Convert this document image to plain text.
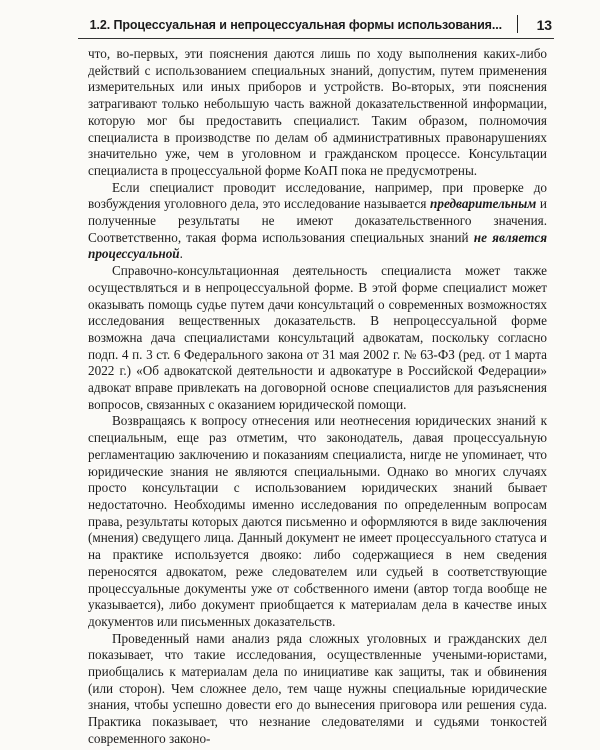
1.2. Процессуальная и непроцессуальная формы использования... 13

что, во-первых, эти пояснения даются лишь по ходу выполнения каких-либо действий с использованием специальных знаний, допустим, путем применения измерительных или иных приборов и устройств. Во-вторых, эти пояснения затрагивают только небольшую часть важной доказательственной информации, которую мог бы предоставить специалист. Таким образом, полномочия специалиста в производстве по делам об административных правонарушениях значительно уже, чем в уголовном и гражданском процессе. Консультации специалиста в процессуальной форме КоАП пока не предусмотрены.

Если специалист проводит исследование, например, при проверке до возбуждения уголовного дела, это исследование называется предварительным и полученные результаты не имеют доказательственного значения. Соответственно, такая форма использования специальных знаний не является процессуальной.

Справочно-консультационная деятельность специалиста может также осуществляться и в непроцессуальной форме. В этой форме специалист может оказывать помощь судье путем дачи консультаций о современных возможностях исследования вещественных доказательств. В непроцессуальной форме возможна дача специалистами консультаций адвокатам, поскольку согласно подп. 4 п. 3 ст. 6 Федерального закона от 31 мая 2002 г. № 63-ФЗ (ред. от 1 марта 2022 г.) «Об адвокатской деятельности и адвокатуре в Российской Федерации» адвокат вправе привлекать на договорной основе специалистов для разъяснения вопросов, связанных с оказанием юридической помощи.

Возвращаясь к вопросу отнесения или неотнесения юридических знаний к специальным, еще раз отметим, что законодатель, давая процессуальную регламентацию заключению и показаниям специалиста, нигде не упоминает, что юридические знания не являются специальными. Однако во многих случаях просто консультации с использованием юридических знаний бывает недостаточно. Необходимы именно исследования по определенным вопросам права, результаты которых даются письменно и оформляются в виде заключения (мнения) сведущего лица. Данный документ не имеет процессуального статуса и на практике используется двояко: либо содержащиеся в нем сведения переносятся адвокатом, реже следователем или судьей в соответствующие процессуальные документы уже от собственного имени (автор тогда вообще не указывается), либо документ приобщается к материалам дела в качестве иных документов или письменных доказательств.

Проведенный нами анализ ряда сложных уголовных и гражданских дел показывает, что такие исследования, осуществленные учеными-юристами, приобщались к материалам дела по инициативе как защиты, так и обвинения (или сторон). Чем сложнее дело, тем чаще нужны специальные юридические знания, чтобы успешно довести его до вынесения приговора или решения суда. Практика показывает, что незнание следователями и судьями тонкостей современного законо-
